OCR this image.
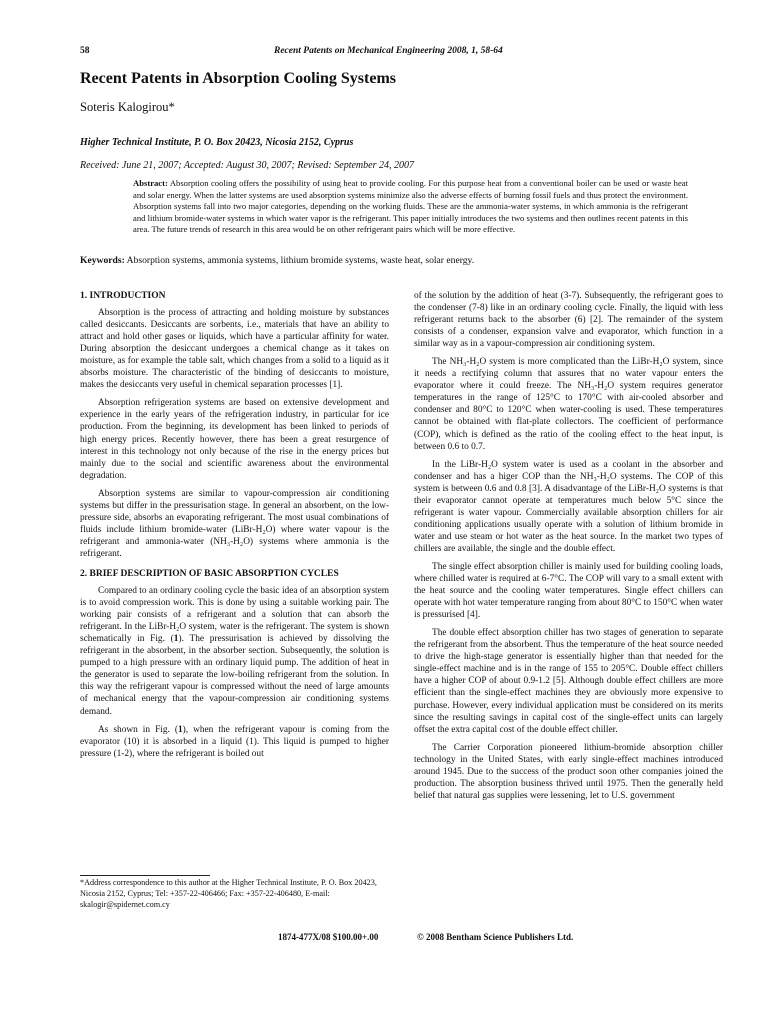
58	Recent Patents on Mechanical Engineering 2008, 1, 58-64
Recent Patents in Absorption Cooling Systems
Soteris Kalogirou*
Higher Technical Institute, P. O. Box 20423, Nicosia 2152, Cyprus
Received: June 21, 2007; Accepted: August 30, 2007; Revised: September 24, 2007
Abstract: Absorption cooling offers the possibility of using heat to provide cooling. For this purpose heat from a conventional boiler can be used or waste heat and solar energy. When the latter systems are used absorption systems minimize also the adverse effects of burning fossil fuels and thus protect the environment. Absorption systems fall into two major categories, depending on the working fluids. These are the ammonia-water systems, in which ammonia is the refrigerant and lithium bromide-water systems in which water vapor is the refrigerant. This paper initially introduces the two systems and then outlines recent patents in this area. The future trends of research in this area would be on other refrigerant pairs which will be more effective.
Keywords: Absorption systems, ammonia systems, lithium bromide systems, waste heat, solar energy.
1. INTRODUCTION

Absorption is the process of attracting and holding moisture by substances called desiccants. Desiccants are sorbents, i.e., materials that have an ability to attract and hold other gases or liquids, which have a particular affinity for water. During absorption the desiccant undergoes a chemical change as it takes on moisture, as for example the table salt, which changes from a solid to a liquid as it absorbs moisture. The characteristic of the binding of desiccants to moisture, makes the desiccants very useful in chemical separation processes [1].

Absorption refrigeration systems are based on extensive development and experience in the early years of the refrigeration industry, in particular for ice production. From the beginning, its development has been linked to periods of high energy prices. Recently however, there has been a great resurgence of interest in this technology not only because of the rise in the energy prices but mainly due to the social and scientific awareness about the environmental degradation.

Absorption systems are similar to vapour-compression air conditioning systems but differ in the pressurisation stage. In general an absorbent, on the low-pressure side, absorbs an evaporating refrigerant. The most usual combinations of fluids include lithium bromide-water (LiBr-H₂O) where water vapour is the refrigerant and ammonia-water (NH₃-H₂O) systems where ammonia is the refrigerant.

2. BRIEF DESCRIPTION OF BASIC ABSORPTION CYCLES

Compared to an ordinary cooling cycle the basic idea of an absorption system is to avoid compression work. This is done by using a suitable working pair. The working pair consists of a refrigerant and a solution that can absorb the refrigerant. In the LiBr-H₂O system, water is the refrigerant. The system is shown schematically in Fig. (1). The pressurisation is achieved by dissolving the refrigerant in the absorbent, in the absorber section. Subsequently, the solution is pumped to a high pressure with an ordinary liquid pump. The addition of heat in the generator is used to separate the low-boiling refrigerant from the solution. In this way the refrigerant vapour is compressed without the need of large amounts of mechanical energy that the vapour-compression air conditioning systems demand.

As shown in Fig. (1), when the refrigerant vapour is coming from the evaporator (10) it is absorbed in a liquid (1). This liquid is pumped to higher pressure (1-2), where the refrigerant is boiled out

of the solution by the addition of heat (3-7). Subsequently, the refrigerant goes to the condenser (7-8) like in an ordinary cooling cycle. Finally, the liquid with less refrigerant returns back to the absorber (6) [2]. The remainder of the system consists of a condenser, expansion valve and evaporator, which function in a similar way as in a vapour-compression air conditioning system.

The NH₃-H₂O system is more complicated than the LiBr-H₂O system, since it needs a rectifying column that assures that no water vapour enters the evaporator where it could freeze. The NH₃-H₂O system requires generator temperatures in the range of 125°C to 170°C with air-cooled absorber and condenser and 80°C to 120°C when water-cooling is used. These temperatures cannot be obtained with flat-plate collectors. The coefficient of performance (COP), which is defined as the ratio of the cooling effect to the heat input, is between 0.6 to 0.7.

In the LiBr-H₂O system water is used as a coolant in the absorber and condenser and has a higer COP than the NH₃-H₂O systems. The COP of this system is between 0.6 and 0.8 [3]. A disadvantage of the LiBr-H₂O systems is that their evaporator cannot operate at temperatures much below 5°C since the refrigerant is water vapour. Commercially available absorption chillers for air conditioning applications usually operate with a solution of lithium bromide in water and use steam or hot water as the heat source. In the market two types of chillers are available, the single and the double effect.

The single effect absorption chiller is mainly used for building cooling loads, where chilled water is required at 6-7°C. The COP will vary to a small extent with the heat source and the cooling water temperatures. Single effect chillers can operate with hot water temperature ranging from about 80°C to 150°C when water is pressurised [4].

The double effect absorption chiller has two stages of generation to separate the refrigerant from the absorbent. Thus the temperature of the heat source needed to drive the high-stage generator is essentially higher than that needed for the single-effect machine and is in the range of 155 to 205°C. Double effect chillers have a higher COP of about 0.9-1.2 [5]. Although double effect chillers are more efficient than the single-effect machines they are obviously more expensive to purchase. However, every individual application must be considered on its merits since the resulting savings in capital cost of the single-effect units can largely offset the extra capital cost of the double effect chiller.

The Carrier Corporation pioneered lithium-bromide absorption chiller technology in the United States, with early single-effect machines introduced around 1945. Due to the success of the product soon other companies joined the production. The absorption business thrived until 1975. Then the generally held belief that natural gas supplies were lessening, let to U.S. government

*Address correspondence to this author at the Higher Technical Institute, P. O. Box 20423, Nicosia 2152, Cyprus; Tel: +357-22-406466; Fax: +357-22-406480, E-mail: skalogir@spidernet.com.cy
1874-477X/08 $100.00+.00	© 2008 Bentham Science Publishers Ltd.
